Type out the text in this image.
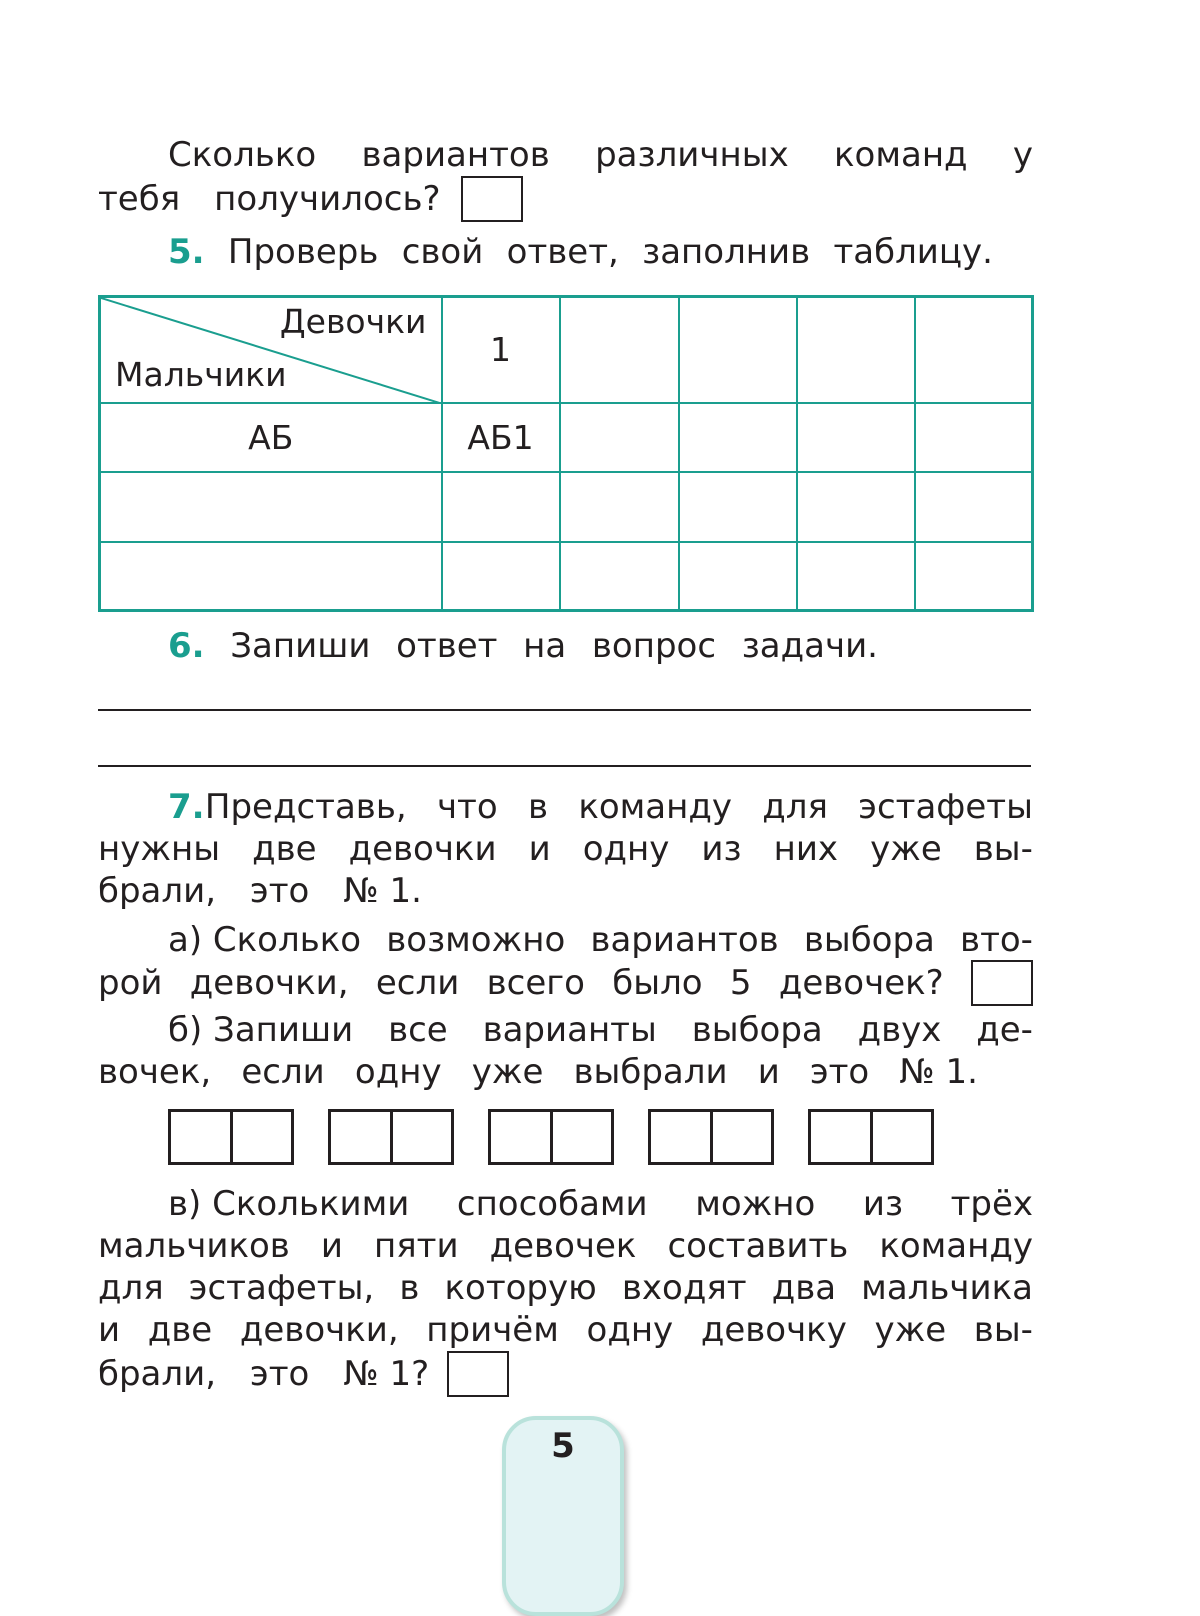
Сколько вариантов различных команд у
тебя получилось?
5. Проверь свой ответ, заполнив таблицу.
Девочки
Мальчики	1				
АБ	АБ1				

6. Запиши ответ на вопрос задачи.
7. Представь, что в команду для эстафеты
нужны две девочки и одну из них уже вы-
брали, это № 1.
а) Сколько возможно вариантов выбора вто-
рой девочки, если всего было 5 девочек?
б) Запиши все варианты выбора двух де-
вочек, если одну уже выбрали и это № 1.
в) Сколькими способами можно из трёх
мальчиков и пяти девочек составить команду
для эстафеты, в которую входят два мальчика
и две девочки, причём одну девочку уже вы-
брали, это № 1?
5
